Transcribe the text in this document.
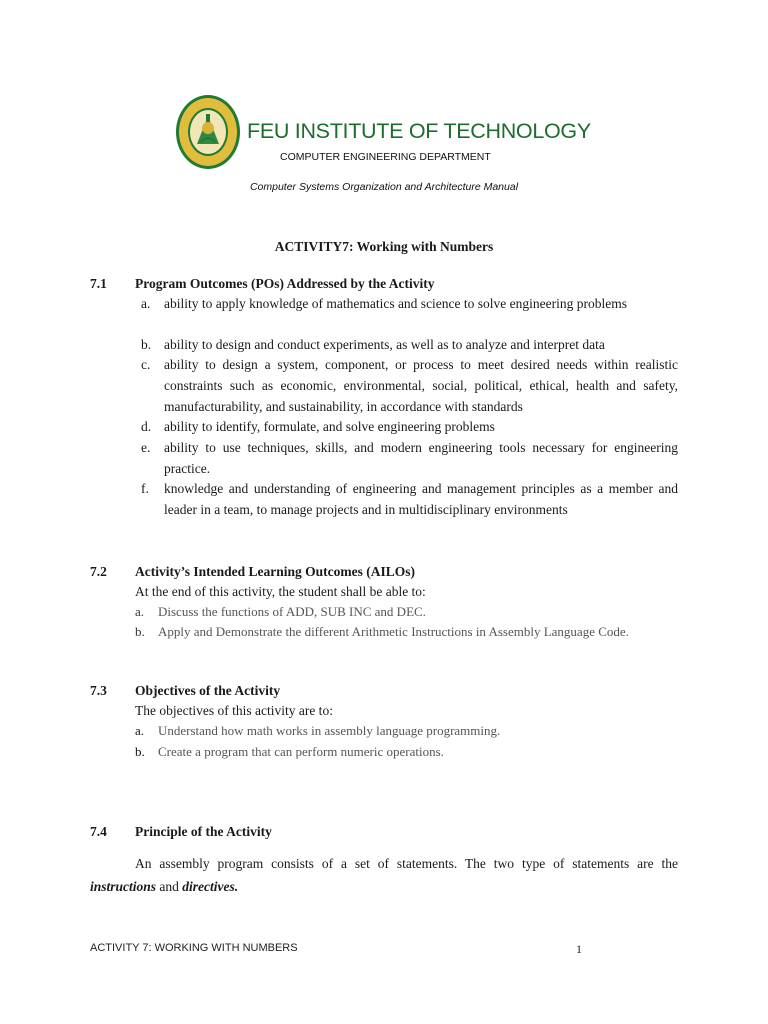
FEU INSTITUTE OF TECHNOLOGY
COMPUTER ENGINEERING DEPARTMENT
Computer Systems Organization and Architecture Manual
ACTIVITY7: Working with Numbers
7.1 Program Outcomes (POs) Addressed by the Activity
a.	ability to apply knowledge of mathematics and science to solve engineering problems
b. ability to design and conduct experiments, as well as to analyze and interpret data
c.	ability to design a system, component, or process to meet desired needs within realistic constraints such as economic, environmental, social, political, ethical, health and safety, manufacturability, and sustainability, in accordance with standards
d. ability to identify, formulate, and solve engineering problems
e.	ability to use techniques, skills, and modern engineering tools necessary for engineering practice.
f.	knowledge and understanding of engineering and management principles as a member and leader in a team, to manage projects and in multidisciplinary environments
7.2 Activity’s Intended Learning Outcomes (AILOs)
At the end of this activity, the student shall be able to:
a. Discuss the functions of ADD, SUB INC and DEC.
b. Apply and Demonstrate the different Arithmetic Instructions in Assembly Language Code.
7.3 Objectives of the Activity
The objectives of this activity are to:
a. Understand how math works in assembly language programming.
b. Create a program that can perform numeric operations.
7.4 Principle of the Activity
An assembly program consists of a set of statements. The two type of statements are the instructions and directives.
ACTIVITY 7: WORKING WITH NUMBERS	1
